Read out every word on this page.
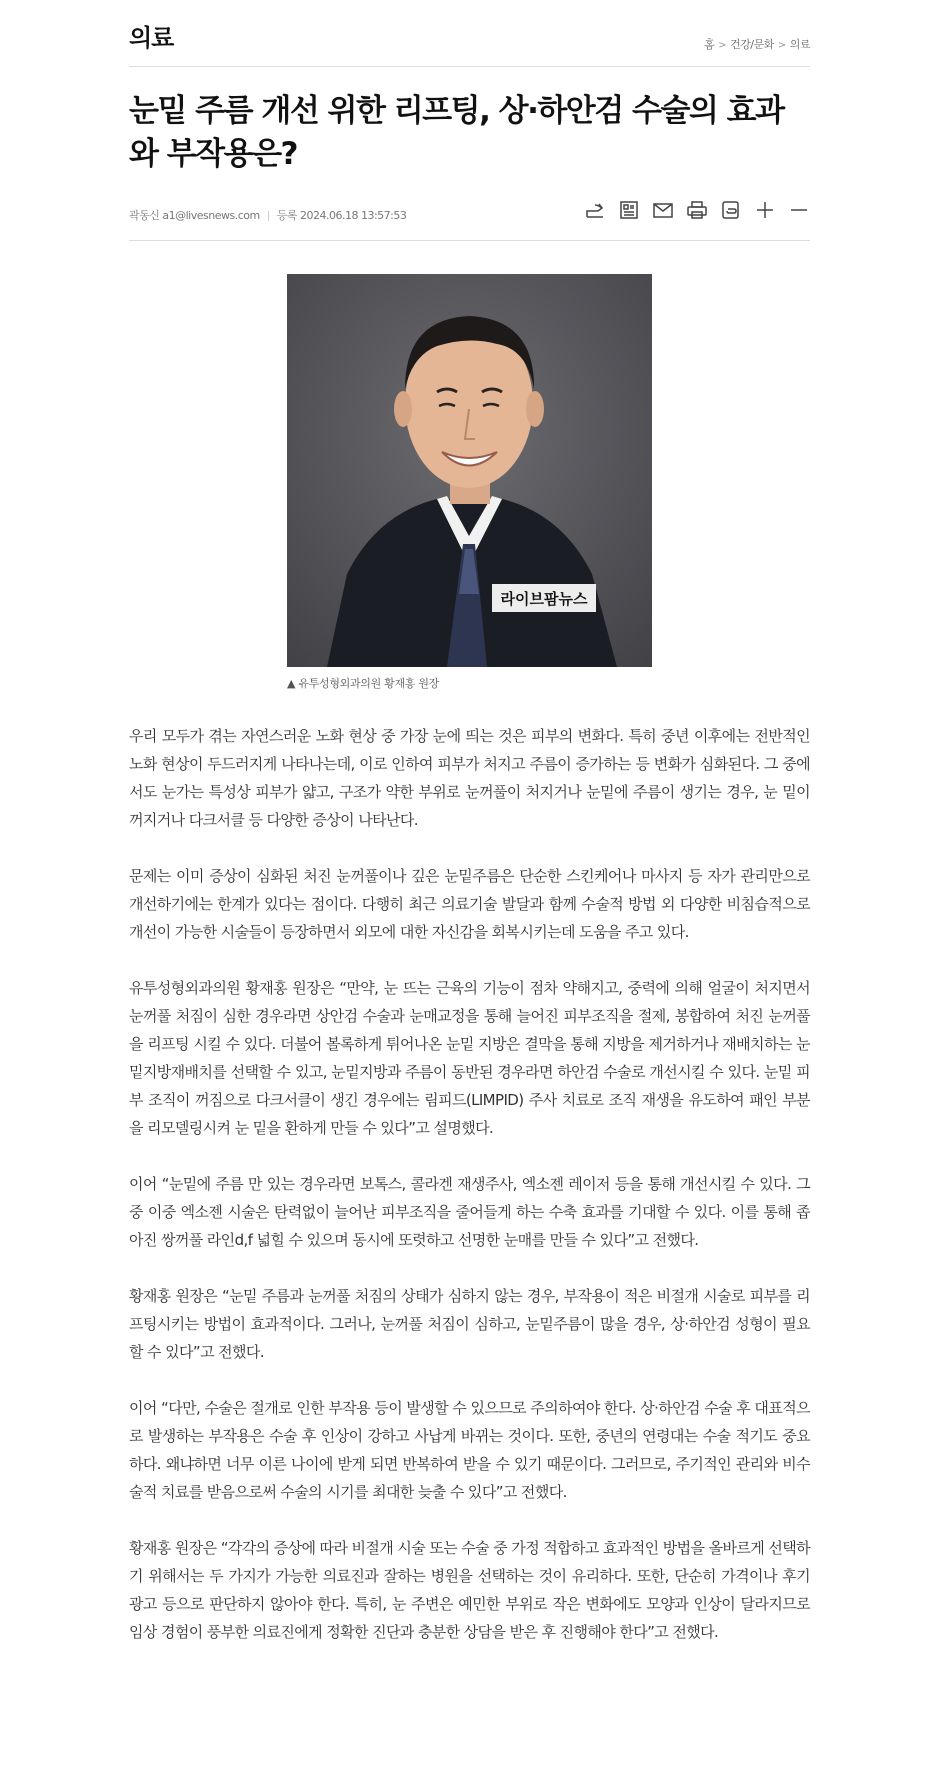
의료	홈 > 건강/문화 > 의료
눈밑 주름 개선 위한 리프팅, 상·하안검 수술의 효과와 부작용은?
곽동신 a1@livesnews.com 등록 2024.06.18 13:57:53
라이브팜뉴스
▲ 유투성형외과의원 황재홍 원장

우리 모두가 겪는 자연스러운 노화 현상 중 가장 눈에 띄는 것은 피부의 변화다. 특히 중년 이후에는 전반적인 노화 현상이 두드러지게 나타나는데, 이로 인하여 피부가 처지고 주름이 증가하는 등 변화가 심화된다. 그 중에서도 눈가는 특성상 피부가 얇고, 구조가 약한 부위로 눈꺼풀이 처지거나 눈밑에 주름이 생기는 경우, 눈 밑이 꺼지거나 다크서클 등 다양한 증상이 나타난다.

문제는 이미 증상이 심화된 처진 눈꺼풀이나 깊은 눈밑주름은 단순한 스킨케어나 마사지 등 자가 관리만으로 개선하기에는 한계가 있다는 점이다. 다행히 최근 의료기술 발달과 함께 수술적 방법 외 다양한 비침습적으로 개선이 가능한 시술들이 등장하면서 외모에 대한 자신감을 회복시키는데 도움을 주고 있다.

유투성형외과의원 황재홍 원장은 “만약, 눈 뜨는 근육의 기능이 점차 약해지고, 중력에 의해 얼굴이 처지면서 눈꺼풀 처짐이 심한 경우라면 상안검 수술과 눈매교정을 통해 늘어진 피부조직을 절제, 봉합하여 처진 눈꺼풀을 리프팅 시킬 수 있다. 더불어 볼록하게 튀어나온 눈밑 지방은 결막을 통해 지방을 제거하거나 재배치하는 눈밑지방재배치를 선택할 수 있고, 눈밑지방과 주름이 동반된 경우라면 하안검 수술로 개선시킬 수 있다. 눈밑 피부 조직이 꺼짐으로 다크서클이 생긴 경우에는 림피드(LIMPID) 주사 치료로 조직 재생을 유도하여 패인 부분을 리모델링시켜 눈 밑을 환하게 만들 수 있다”고 설명했다.

이어 “눈밑에 주름 만 있는 경우라면 보톡스, 콜라겐 재생주사, 엑소젠 레이저 등을 통해 개선시킬 수 있다. 그 중 이중 엑소젠 시술은 탄력없이 늘어난 피부조직을 줄어들게 하는 수축 효과를 기대할 수 있다. 이를 통해 좁아진 쌍꺼풀 라인d,f 넓힐 수 있으며 동시에 또렷하고 선명한 눈매를 만들 수 있다”고 전했다.

황재홍 원장은 “눈밑 주름과 눈꺼풀 처짐의 상태가 심하지 않는 경우, 부작용이 적은 비절개 시술로 피부를 리프팅시키는 방법이 효과적이다. 그러나, 눈꺼풀 처짐이 심하고, 눈밑주름이 많을 경우, 상·하안검 성형이 필요할 수 있다”고 전했다.

이어 “다만, 수술은 절개로 인한 부작용 등이 발생할 수 있으므로 주의하여야 한다. 상·하안검 수술 후 대표적으로 발생하는 부작용은 수술 후 인상이 강하고 사납게 바뀌는 것이다. 또한, 중년의 연령대는 수술 적기도 중요하다. 왜냐하면 너무 이른 나이에 받게 되면 반복하여 받을 수 있기 때문이다. 그러므로, 주기적인 관리와 비수술적 치료를 받음으로써 수술의 시기를 최대한 늦출 수 있다”고 전했다.

황재홍 원장은 “각각의 증상에 따라 비절개 시술 또는 수술 중 가정 적합하고 효과적인 방법을 올바르게 선택하기 위해서는 두 가지가 가능한 의료진과 잘하는 병원을 선택하는 것이 유리하다. 또한, 단순히 가격이나 후기 광고 등으로 판단하지 않아야 한다. 특히, 눈 주변은 예민한 부위로 작은 변화에도 모양과 인상이 달라지므로 임상 경험이 풍부한 의료진에게 정확한 진단과 충분한 상담을 받은 후 진행해야 한다”고 전했다.
